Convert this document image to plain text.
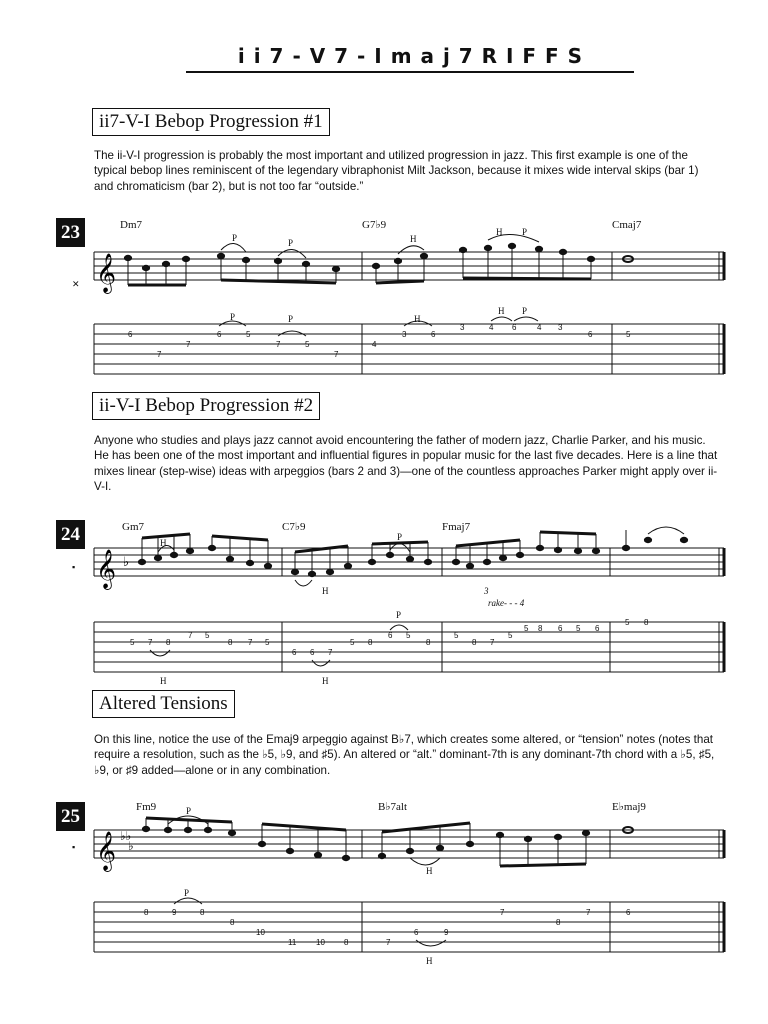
i i 7 - V 7 - I m a j 7 R I F F S
ii7-V-I Bebop Progression #1
The ii-V-I progression is probably the most important and utilized progression in jazz. This first example is one of the typical bebop lines reminiscent of the legendary vibraphonist Milt Jackson, because it mixes wide interval skips (bar 1) and chromaticism (bar 2), but is not too far “outside.”
23
✕
ii-V-I Bebop Progression #2
Anyone who studies and plays jazz cannot avoid encountering the father of modern jazz, Charlie Parker, and his music. He has been one of the most important and influential figures in popular music for the last five decades. Here is a line that mixes linear (step-wise) ideas with arpeggios (bars 2 and 3)—one of the countless approaches Parker might apply over ii-V-I.
24
▪
Altered Tensions
On this line, notice the use of the Emaj9 arpeggio against B♭7, which creates some altered, or “tension” notes (notes that require a resolution, such as the ♭5, ♭9, and ♯5). An altered or “alt.” dominant-7th is any dominant-7th chord with a ♭5, ♯5, ♭9, or ♯9 added—alone or in any combination.
25
▪
Dm7	G7♭9	Cmaj7
𝄞
P	P	H
H P
6
7
7
6	5
7	5
7
4
3	6
3	4 6	4 3
6	5
P	P	H
H P
Gm7	C7♭9	Fmaj7
𝄞 ♭
H
H
P
3
rake- - - 4
5 7 8
7 5
8 7 5
6 6 7
5 8
6 5
8
5
8 7
5
5 8 6 5 6
5 8
H	H
P
Fm9	B♭7alt	E♭maj9
𝄞 ♭♭
♭
P
H
8	9	8
8
10
11 10 8	7
6	9
7
8
7	6
P
H
